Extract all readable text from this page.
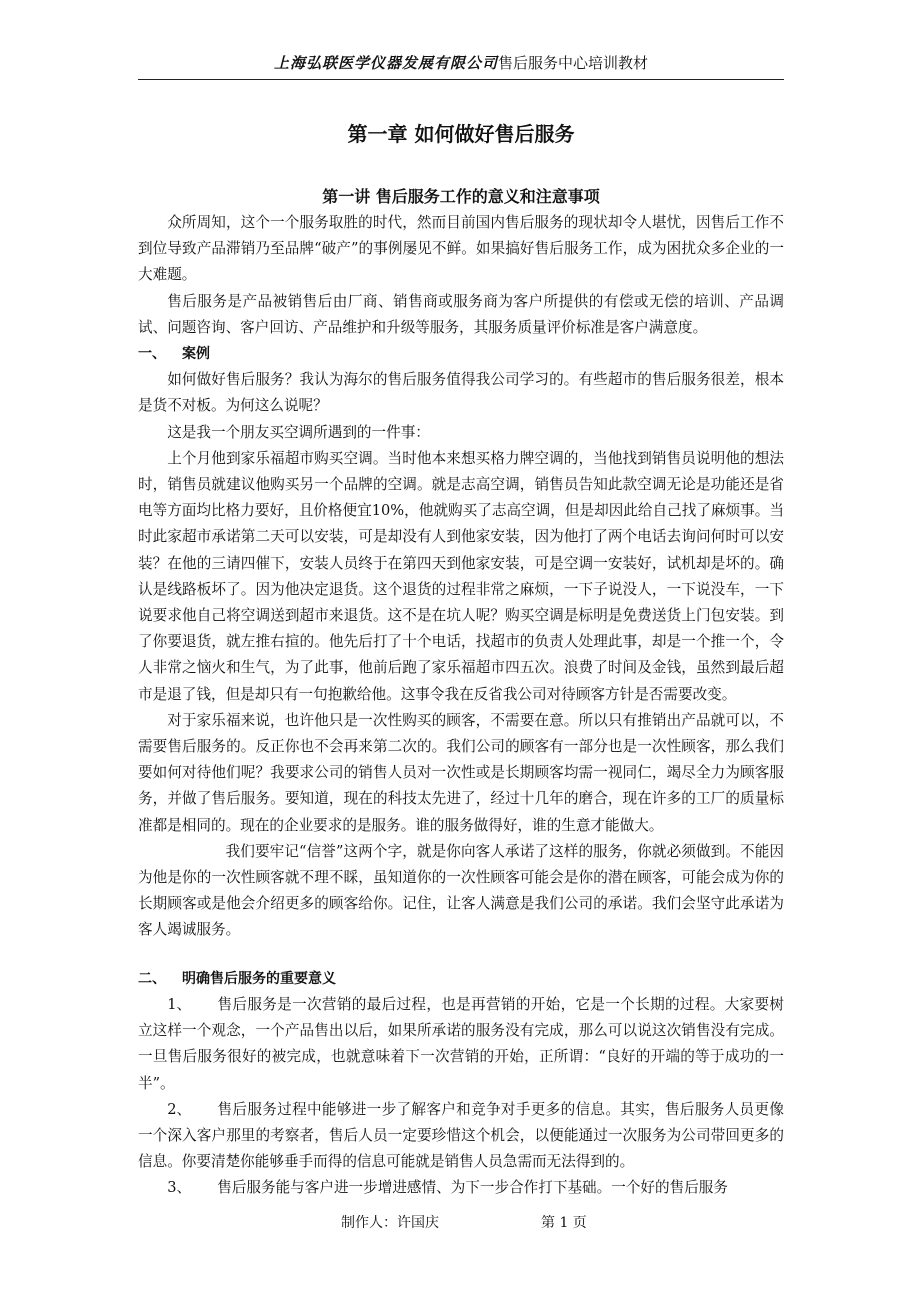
上海弘联医学仪器发展有限公司售后服务中心培训教材
第一章 如何做好售后服务
第一讲 售后服务工作的意义和注意事项

众所周知，这个一个服务取胜的时代，然而目前国内售后服务的现状却令人堪忧，因售后工作不到位导致产品滞销乃至品牌“破产”的事例屡见不鲜。如果搞好售后服务工作，成为困扰众多企业的一大难题。

售后服务是产品被销售后由厂商、销售商或服务商为客户所提供的有偿或无偿的培训、产品调试、问题咨询、客户回访、产品维护和升级等服务，其服务质量评价标准是客户满意度。

一、 案例

如何做好售后服务？我认为海尔的售后服务值得我公司学习的。有些超市的售后服务很差，根本是货不对板。为何这么说呢？

这是我一个朋友买空调所遇到的一件事：

上个月他到家乐福超市购买空调。当时他本来想买格力牌空调的，当他找到销售员说明他的想法时，销售员就建议他购买另一个品牌的空调。就是志高空调，销售员告知此款空调无论是功能还是省电等方面均比格力要好，且价格便宜10%，他就购买了志高空调，但是却因此给自己找了麻烦事。当时此家超市承诺第二天可以安装，可是却没有人到他家安装，因为他打了两个电话去询问何时可以安装？在他的三请四催下，安装人员终于在第四天到他家安装，可是空调一安装好，试机却是坏的。确认是线路板坏了。因为他决定退货。这个退货的过程非常之麻烦，一下子说没人，一下说没车，一下说要求他自己将空调送到超市来退货。这不是在坑人呢？购买空调是标明是免费送货上门包安装。到了你要退货，就左推右揎的。他先后打了十个电话，找超市的负责人处理此事，却是一个推一个，令人非常之恼火和生气，为了此事，他前后跑了家乐福超市四五次。浪费了时间及金钱，虽然到最后超市是退了钱，但是却只有一句抱歉给他。这事令我在反省我公司对待顾客方针是否需要改变。

对于家乐福来说，也许他只是一次性购买的顾客，不需要在意。所以只有推销出产品就可以，不需要售后服务的。反正你也不会再来第二次的。我们公司的顾客有一部分也是一次性顾客，那么我们要如何对待他们呢？我要求公司的销售人员对一次性或是长期顾客均需一视同仁，竭尽全力为顾客服务，并做了售后服务。要知道，现在的科技太先进了，经过十几年的磨合，现在许多的工厂的质量标准都是相同的。现在的企业要求的是服务。谁的服务做得好，谁的生意才能做大。

我们要牢记“信誉”这两个字，就是你向客人承诺了这样的服务，你就必须做到。不能因为他是你的一次性顾客就不理不睬，虽知道你的一次性顾客可能会是你的潜在顾客，可能会成为你的长期顾客或是他会介绍更多的顾客给你。记住，让客人满意是我们公司的承诺。我们会坚守此承诺为客人竭诚服务。

二、 明确售后服务的重要意义

1、 售后服务是一次营销的最后过程，也是再营销的开始，它是一个长期的过程。大家要树立这样一个观念，一个产品售出以后，如果所承诺的服务没有完成，那么可以说这次销售没有完成。一旦售后服务很好的被完成，也就意味着下一次营销的开始，正所谓：“良好的开端的等于成功的一半”。

2、 售后服务过程中能够进一步了解客户和竞争对手更多的信息。其实，售后服务人员更像一个深入客户那里的考察者，售后人员一定要珍惜这个机会，以便能通过一次服务为公司带回更多的信息。你要清楚你能够垂手而得的信息可能就是销售人员急需而无法得到的。

3、 售后服务能与客户进一步增进感情、为下一步合作打下基础。一个好的售后服务

制作人：许国庆	第 1 页
